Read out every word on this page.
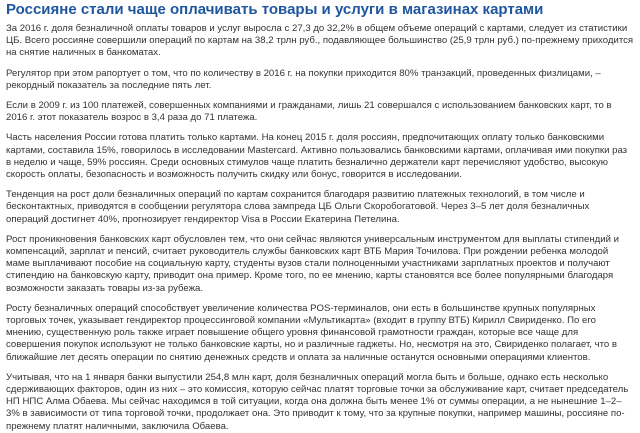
Россияне стали чаще оплачивать товары и услуги в магазинах картами

За 2016 г. доля безналичной оплаты товаров и услуг выросла с 27,3 до 32,2% в общем объеме операций с картами, следует из статистики ЦБ. Всего россияне совершили операций по картам на 38,2 трлн руб., подавляющее большинство (25,9 трлн руб.) по-прежнему приходится на снятие наличных в банкоматах.

Регулятор при этом рапортует о том, что по количеству в 2016 г. на покупки приходится 80% транзакций, проведенных физлицами, – рекордный показатель за последние пять лет.

Если в 2009 г. из 100 платежей, совершенных компаниями и гражданами, лишь 21 совершался с использованием банковских карт, то в 2016 г. этот показатель возрос в 3,4 раза до 71 платежа.

Часть населения России готова платить только картами. На конец 2015 г. доля россиян, предпочитающих оплату только банковскими картами, составила 15%, говорилось в исследовании Mastercard. Активно пользовались банковскими картами, оплачивая ими покупки раз в неделю и чаще, 59% россиян. Среди основных стимулов чаще платить безналично держатели карт перечисляют удобство, высокую скорость оплаты, безопасность и возможность получить скидку или бонус, говорится в исследовании.

Тенденция на рост доли безналичных операций по картам сохранится благодаря развитию платежных технологий, в том числе и бесконтактных, приводятся в сообщении регулятора слова зампреда ЦБ Ольги Скоробогатовой. Через 3–5 лет доля безналичных операций достигнет 40%, прогнозирует гендиректор Visa в России Екатерина Петелина.

Рост проникновения банковских карт обусловлен тем, что они сейчас являются универсальным инструментом для выплаты стипендий и компенсаций, зарплат и пенсий, считает руководитель службы банковских карт ВТБ Мария Точилова. При рождении ребенка молодой маме выплачивают пособие на социальную карту, студенты вузов стали полноценными участниками зарплатных проектов и получают стипендию на банковскую карту, приводит она пример. Кроме того, по ее мнению, карты становятся все более популярными благодаря возможности заказать товары из-за рубежа.

Росту безналичных операций способствует увеличение количества POS-терминалов, они есть в большинстве крупных популярных торговых точек, указывает гендиректор процессинговой компании «Мультикарта» (входит в группу ВТБ) Кирилл Свириденко. По его мнению, существенную роль также играет повышение общего уровня финансовой грамотности граждан, которые все чаще для совершения покупок используют не только банковские карты, но и различные гаджеты. Но, несмотря на это, Свириденко полагает, что в ближайшие лет десять операции по снятию денежных средств и оплата за наличные останутся основными операциями клиентов.

Учитывая, что на 1 января банки выпустили 254,8 млн карт, доля безналичных операций могла быть и больше, однако есть несколько сдерживающих факторов, один из них – это комиссия, которую сейчас платят торговые точки за обслуживание карт, считает председатель НП НПС Алма Обаева. Мы сейчас находимся в той ситуации, когда она должна быть менее 1% от суммы операции, а не нынешние 1–2–3% в зависимости от типа торговой точки, продолжает она. Это приводит к тому, что за крупные покупки, например машины, россияне по-прежнему платят наличными, заключила Обаева.
